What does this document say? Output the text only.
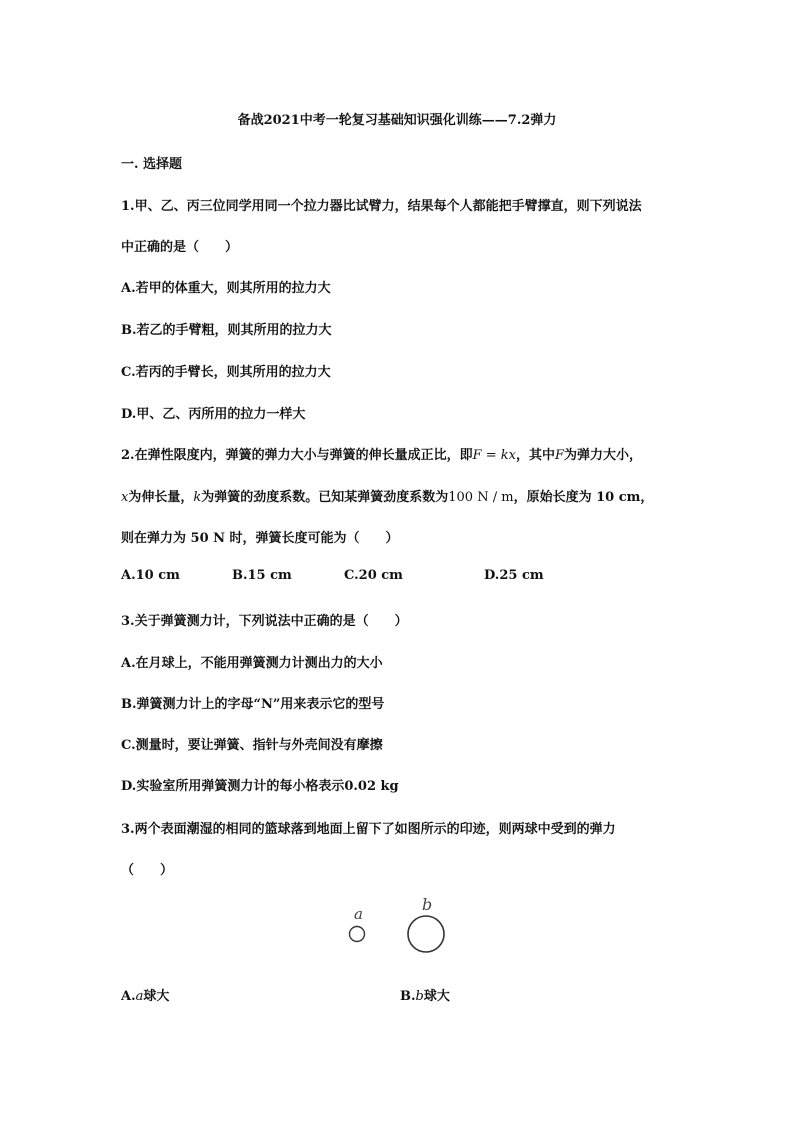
备战2021中考一轮复习基础知识强化训练——7.2弹力
一. 选择题
1.甲、乙、丙三位同学用同一个拉力器比试臂力，结果每个人都能把手臂撑直，则下列说法
中正确的是（　　）
A.若甲的体重大，则其所用的拉力大
B.若乙的手臂粗，则其所用的拉力大
C.若丙的手臂长，则其所用的拉力大
D.甲、乙、丙所用的拉力一样大
2.在弹性限度内，弹簧的弹力大小与弹簧的伸长量成正比，即F = kx，其中F为弹力大小，
x为伸长量，k为弹簧的劲度系数。已知某弹簧劲度系数为100 N / m，原始长度为 10 cm，
则在弹力为 50 N 时，弹簧长度可能为（　　）
A.10 cm	B.15 cm	C.20 cm	D.25 cm
3.关于弹簧测力计，下列说法中正确的是（　　）
A.在月球上，不能用弹簧测力计测出力的大小
B.弹簧测力计上的字母“N”用来表示它的型号
C.测量时，要让弹簧、指针与外壳间没有摩擦
D.实验室所用弹簧测力计的每小格表示0.02 kg
3.两个表面潮湿的相同的篮球落到地面上留下了如图所示的印迹，则两球中受到的弹力
（　　）
a	b
A.a球大	B.b球大
